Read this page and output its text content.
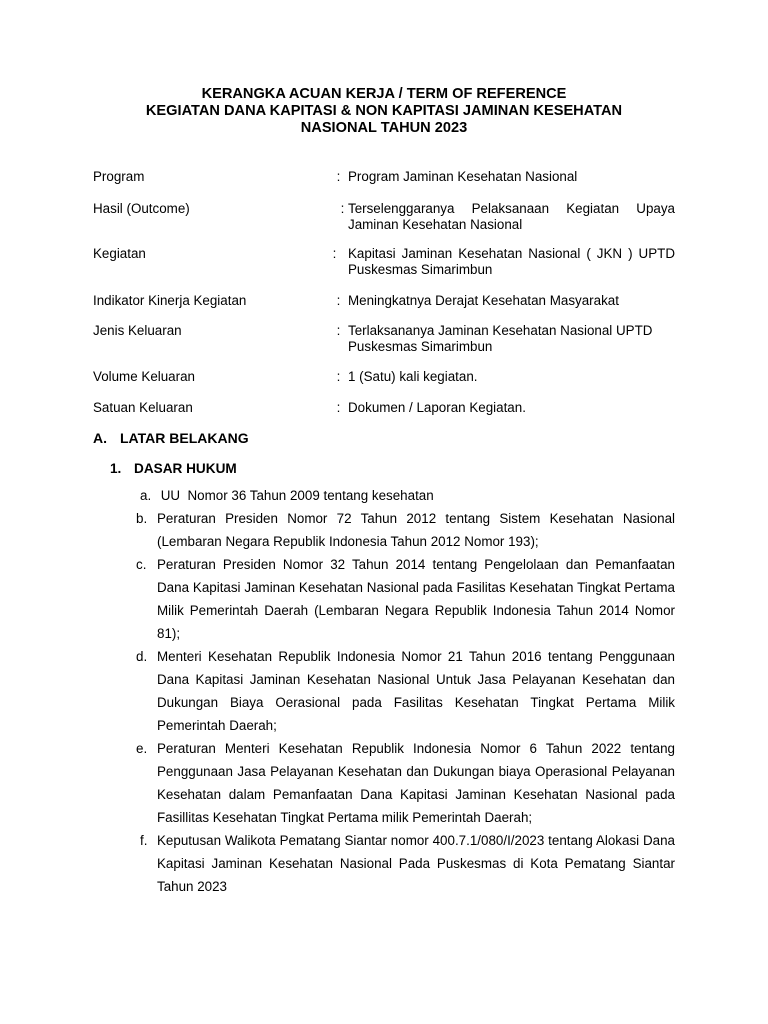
KERANGKA ACUAN KERJA / TERM OF REFERENCE
KEGIATAN DANA KAPITASI & NON KAPITASI JAMINAN KESEHATAN
NASIONAL TAHUN 2023
Program	: Program Jaminan Kesehatan Nasional
Hasil (Outcome)	: Terselenggaranya Pelaksanaan Kegiatan Upaya Jaminan Kesehatan Nasional
Kegiatan	: Kapitasi Jaminan Kesehatan Nasional ( JKN ) UPTD Puskesmas Simarimbun
Indikator Kinerja Kegiatan	: Meningkatnya Derajat Kesehatan Masyarakat
Jenis Keluaran	: Terlaksananya Jaminan Kesehatan Nasional UPTD Puskesmas Simarimbun
Volume Keluaran	: 1 (Satu) kali kegiatan.
Satuan Keluaran	: Dokumen / Laporan Kegiatan.
A. LATAR BELAKANG
1. DASAR HUKUM
a. UU  Nomor 36 Tahun 2009 tentang kesehatan
b. Peraturan Presiden Nomor 72 Tahun 2012 tentang Sistem Kesehatan Nasional (Lembaran Negara Republik Indonesia Tahun 2012 Nomor 193);
c. Peraturan Presiden Nomor 32 Tahun 2014 tentang Pengelolaan dan Pemanfaatan Dana Kapitasi Jaminan Kesehatan Nasional pada Fasilitas Kesehatan Tingkat Pertama Milik Pemerintah Daerah (Lembaran Negara Republik Indonesia Tahun 2014 Nomor 81);
d. Menteri Kesehatan Republik Indonesia Nomor 21 Tahun 2016 tentang Penggunaan Dana Kapitasi Jaminan Kesehatan Nasional Untuk Jasa Pelayanan Kesehatan dan Dukungan Biaya Oerasional pada Fasilitas Kesehatan Tingkat Pertama Milik Pemerintah Daerah;
e. Peraturan Menteri Kesehatan Republik Indonesia Nomor 6 Tahun 2022 tentang Penggunaan Jasa Pelayanan Kesehatan dan Dukungan biaya Operasional Pelayanan Kesehatan dalam Pemanfaatan Dana Kapitasi Jaminan Kesehatan Nasional pada Fasillitas Kesehatan Tingkat Pertama milik Pemerintah Daerah;
f. Keputusan Walikota Pematang Siantar nomor 400.7.1/080/I/2023 tentang Alokasi Dana Kapitasi Jaminan Kesehatan Nasional Pada Puskesmas di Kota Pematang Siantar Tahun 2023
